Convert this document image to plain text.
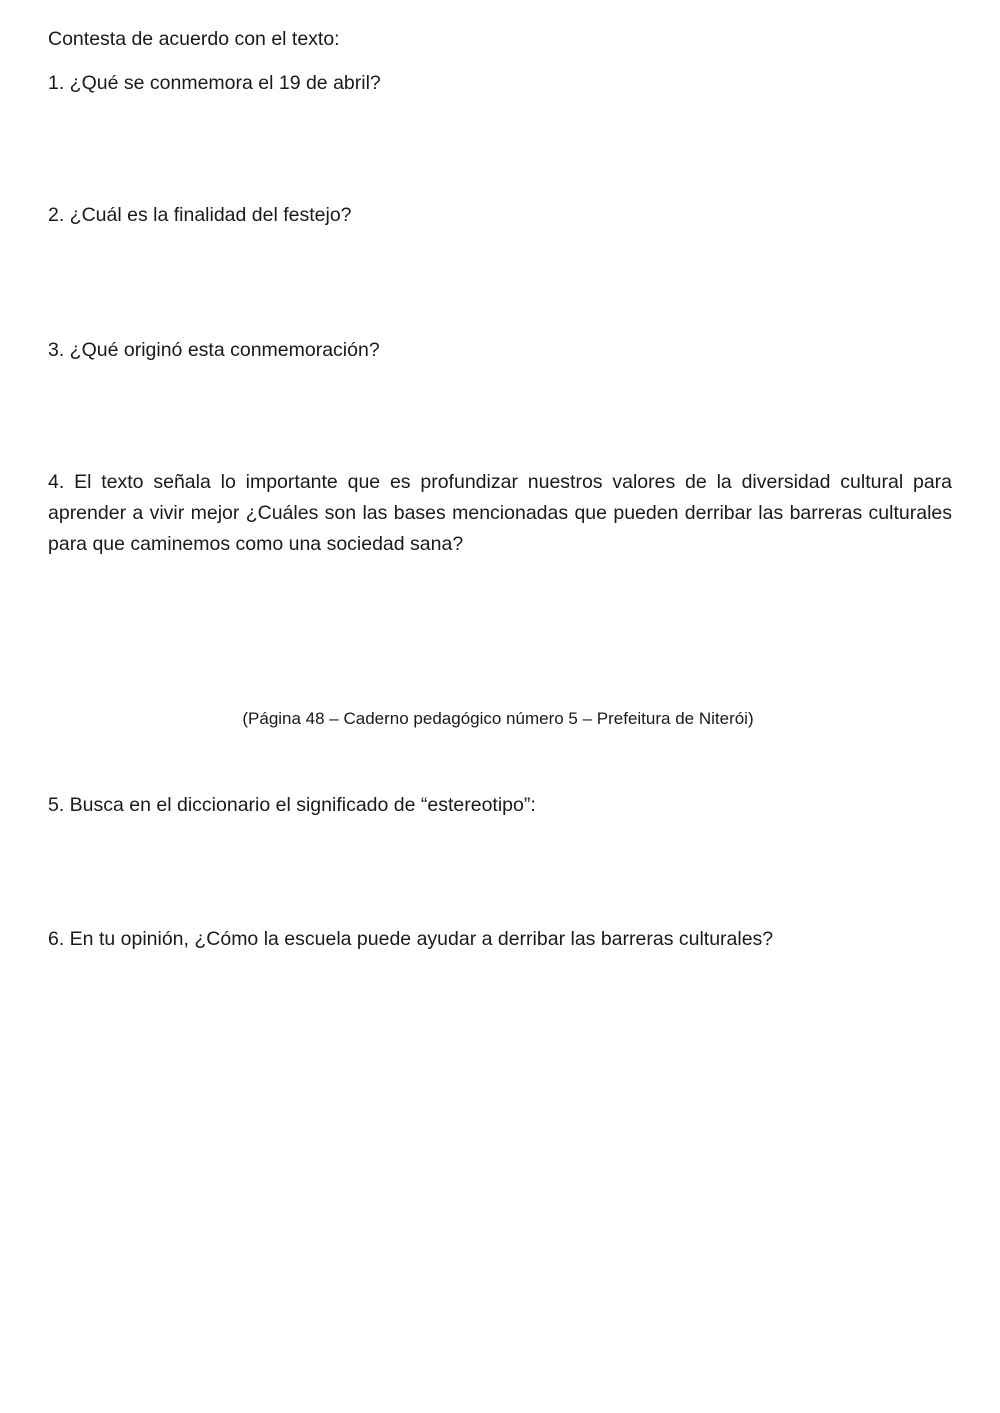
Contesta de acuerdo con el texto:

1. ¿Qué se conmemora el 19 de abril?

2. ¿Cuál es la finalidad del festejo?

3. ¿Qué originó esta conmemoración?

4. El texto señala lo importante que es profundizar nuestros valores de la diversidad cultural para aprender a vivir mejor ¿Cuáles son las bases mencionadas que pueden derribar las barreras culturales para que caminemos como una sociedad sana?

(Página 48 – Caderno pedagógico número 5 – Prefeitura de Niterói)

5. Busca en el diccionario el significado de “estereotipo”:

6. En tu opinión, ¿Cómo la escuela puede ayudar a derribar las barreras culturales?
